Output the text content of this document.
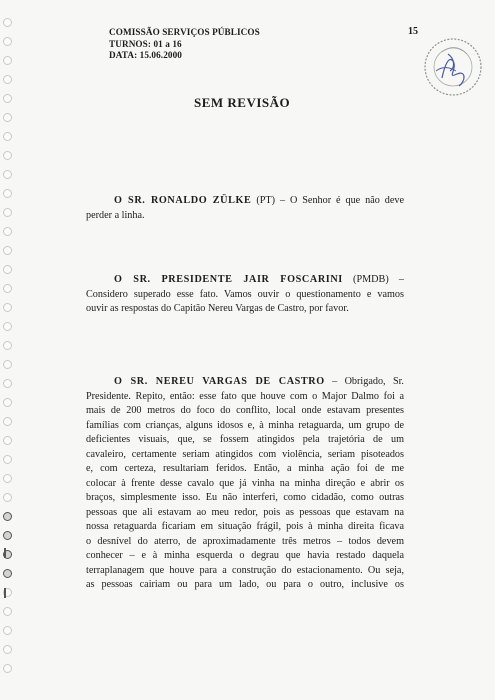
COMISSÃO SERVIÇOS PÚBLICOS
TURNOS: 01 a 16
DATA: 15.06.2000
15
SEM REVISÃO
O SR. RONALDO ZÜLKE (PT) – O Senhor é que não deve
perder a linha.
O SR. PRESIDENTE JAIR FOSCARINI (PMDB) –
Considero superado esse fato. Vamos ouvir o questionamento e vamos
ouvir as respostas do Capitão Nereu Vargas de Castro, por favor.
O SR. NEREU VARGAS DE CASTRO – Obrigado, Sr.
Presidente. Repito, então: esse fato que houve com o Major Dalmo foi a
mais de 200 metros do foco do conflito, local onde estavam presentes
famílias com crianças, alguns idosos e, à minha retaguarda, um grupo de
deficientes visuais, que, se fossem atingidos pela trajetória de um
cavaleiro, certamente seriam atingidos com violência, seriam pisoteados
e, com certeza, resultariam feridos. Então, a minha ação foi de me
colocar à frente desse cavalo que já vinha na minha direção e abrir os
braços, simplesmente isso. Eu não interferi, como cidadão, como outras
pessoas que ali estavam ao meu redor, pois as pessoas que estavam na
nossa retaguarda ficariam em situação frágil, pois à minha direita ficava
o desnível do aterro, de aproximadamente três metros – todos devem
conhecer – e à minha esquerda o degrau que havia restado daquela
terraplanagem que houve para a construção do estacionamento. Ou seja,
as pessoas cairiam ou para um lado, ou para o outro, inclusive os
